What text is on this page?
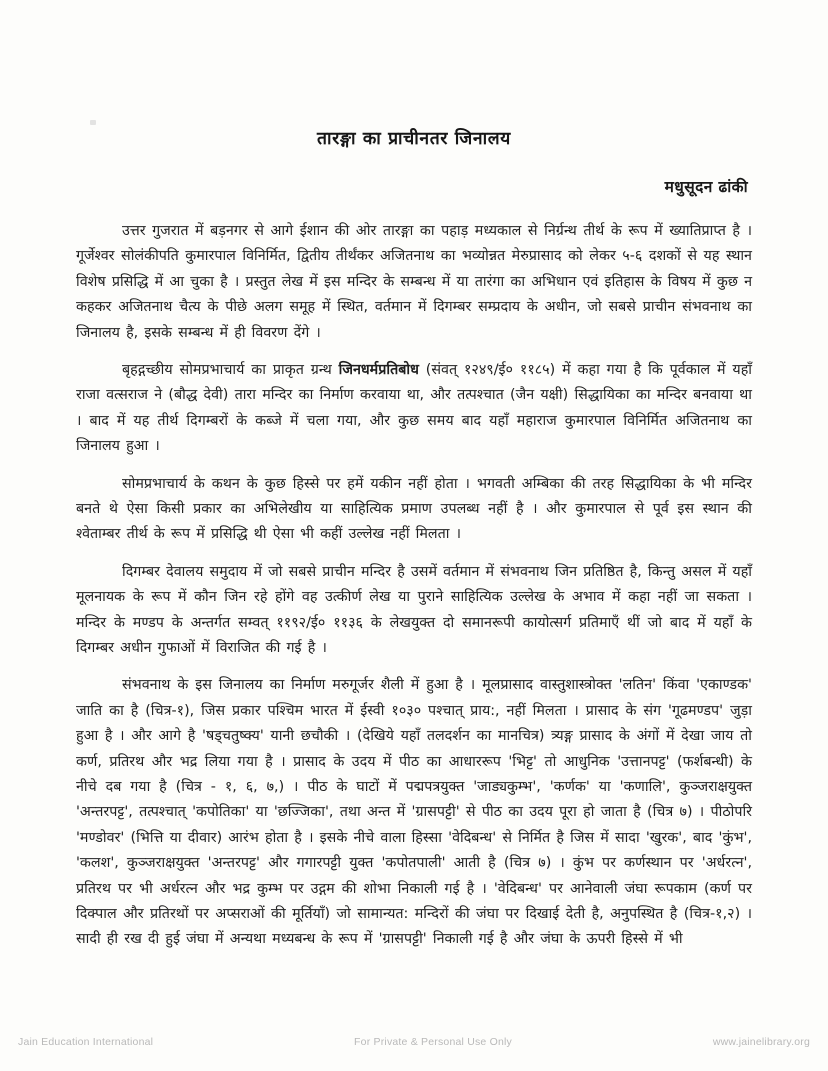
तारङ्गा का प्राचीनतर जिनालय
मधुसूदन ढांकी

उत्तर गुजरात में बड़नगर से आगे ईशान की ओर तारङ्गा का पहाड़ मध्यकाल से निर्ग्रन्थ तीर्थ के रूप में ख्यातिप्राप्त है । गूर्जेश्वर सोलंकीपति कुमारपाल विनिर्मित, द्वितीय तीर्थंकर अजितनाथ का भव्योन्नत मेरुप्रासाद को लेकर ५-६ दशकों से यह स्थान विशेष प्रसिद्धि में आ चुका है । प्रस्तुत लेख में इस मन्दिर के सम्बन्ध में या तारंगा का अभिधान एवं इतिहास के विषय में कुछ न कहकर अजितनाथ चैत्य के पीछे अलग समूह में स्थित, वर्तमान में दिगम्बर सम्प्रदाय के अधीन, जो सबसे प्राचीन संभवनाथ का जिनालय है, इसके सम्बन्ध में ही विवरण देंगे ।

बृहद्गच्छीय सोमप्रभाचार्य का प्राकृत ग्रन्थ जिनधर्मप्रतिबोध (संवत् १२४९/ई० ११८५) में कहा गया है कि पूर्वकाल में यहाँ राजा वत्सराज ने (बौद्ध देवी) तारा मन्दिर का निर्माण करवाया था, और तत्पश्चात (जैन यक्षी) सिद्धायिका का मन्दिर बनवाया था । बाद में यह तीर्थ दिगम्बरों के कब्जे में चला गया, और कुछ समय बाद यहाँ महाराज कुमारपाल विनिर्मित अजितनाथ का जिनालय हुआ ।

सोमप्रभाचार्य के कथन के कुछ हिस्से पर हमें यकीन नहीं होता । भगवती अम्बिका की तरह सिद्धायिका के भी मन्दिर बनते थे ऐसा किसी प्रकार का अभिलेखीय या साहित्यिक प्रमाण उपलब्ध नहीं है । और कुमारपाल से पूर्व इस स्थान की श्वेताम्बर तीर्थ के रूप में प्रसिद्धि थी ऐसा भी कहीं उल्लेख नहीं मिलता ।

दिगम्बर देवालय समुदाय में जो सबसे प्राचीन मन्दिर है उसमें वर्तमान में संभवनाथ जिन प्रतिष्ठित है, किन्तु असल में यहाँ मूलनायक के रूप में कौन जिन रहे होंगे वह उत्कीर्ण लेख या पुराने साहित्यिक उल्लेख के अभाव में कहा नहीं जा सकता । मन्दिर के मण्डप के अन्तर्गत सम्वत् ११९२/ई० ११३६ के लेखयुक्त दो समानरूपी कायोत्सर्ग प्रतिमाएँ थीं जो बाद में यहाँ के दिगम्बर अधीन गुफाओं में विराजित की गई है ।

संभवनाथ के इस जिनालय का निर्माण मरुगूर्जर शैली में हुआ है । मूलप्रासाद वास्तुशास्त्रोक्त 'लतिन' किंवा 'एकाण्डक' जाति का है (चित्र-१), जिस प्रकार पश्चिम भारत में ईस्वी १०३० पश्चात् प्राय:, नहीं मिलता । प्रासाद के संग 'गूढमण्डप' जुड़ा हुआ है । और आगे है 'षड्चतुष्क्य' यानी छचौकी । (देखिये यहाँ तलदर्शन का मानचित्र) त्र्यङ्ग प्रासाद के अंगों में देखा जाय तो कर्ण, प्रतिरथ और भद्र लिया गया है । प्रासाद के उदय में पीठ का आधाररूप 'भिट्ट' तो आधुनिक 'उत्तानपट्ट' (फर्शबन्धी) के नीचे दब गया है (चित्र - १, ६, ७,) । पीठ के घाटों में पद्मपत्रयुक्त 'जाड्यकुम्भ', 'कर्णक' या 'कणालि', कुञ्जराक्षयुक्त 'अन्तरपट्ट', तत्पश्चात् 'कपोतिका' या 'छज्जिका', तथा अन्त में 'ग्रासपट्टी' से पीठ का उदय पूरा हो जाता है (चित्र ७) । पीठोपरि 'मण्डोवर' (भित्ति या दीवार) आरंभ होता है । इसके नीचे वाला हिस्सा 'वेदिबन्ध' से निर्मित है जिस में सादा 'खुरक', बाद 'कुंभ', 'कलश', कुञ्जराक्षयुक्त 'अन्तरपट्ट' और गगारपट्टी युक्त 'कपोतपाली' आती है (चित्र ७) । कुंभ पर कर्णस्थान पर 'अर्धरत्न', प्रतिरथ पर भी अर्धरत्न और भद्र कुम्भ पर उद्गम की शोभा निकाली गई है । 'वेदिबन्ध' पर आनेवाली जंघा रूपकाम (कर्ण पर दिक्पाल और प्रतिरथों पर अप्सराओं की मूर्तियाँ) जो सामान्यत: मन्दिरों की जंघा पर दिखाई देती है, अनुपस्थित है (चित्र-१,२) । सादी ही रख दी हुई जंघा में अन्यथा मध्यबन्ध के रूप में 'ग्रासपट्टी' निकाली गई है और जंघा के ऊपरी हिस्से में भी

Jain Education International	For Private & Personal Use Only	www.jainelibrary.org
